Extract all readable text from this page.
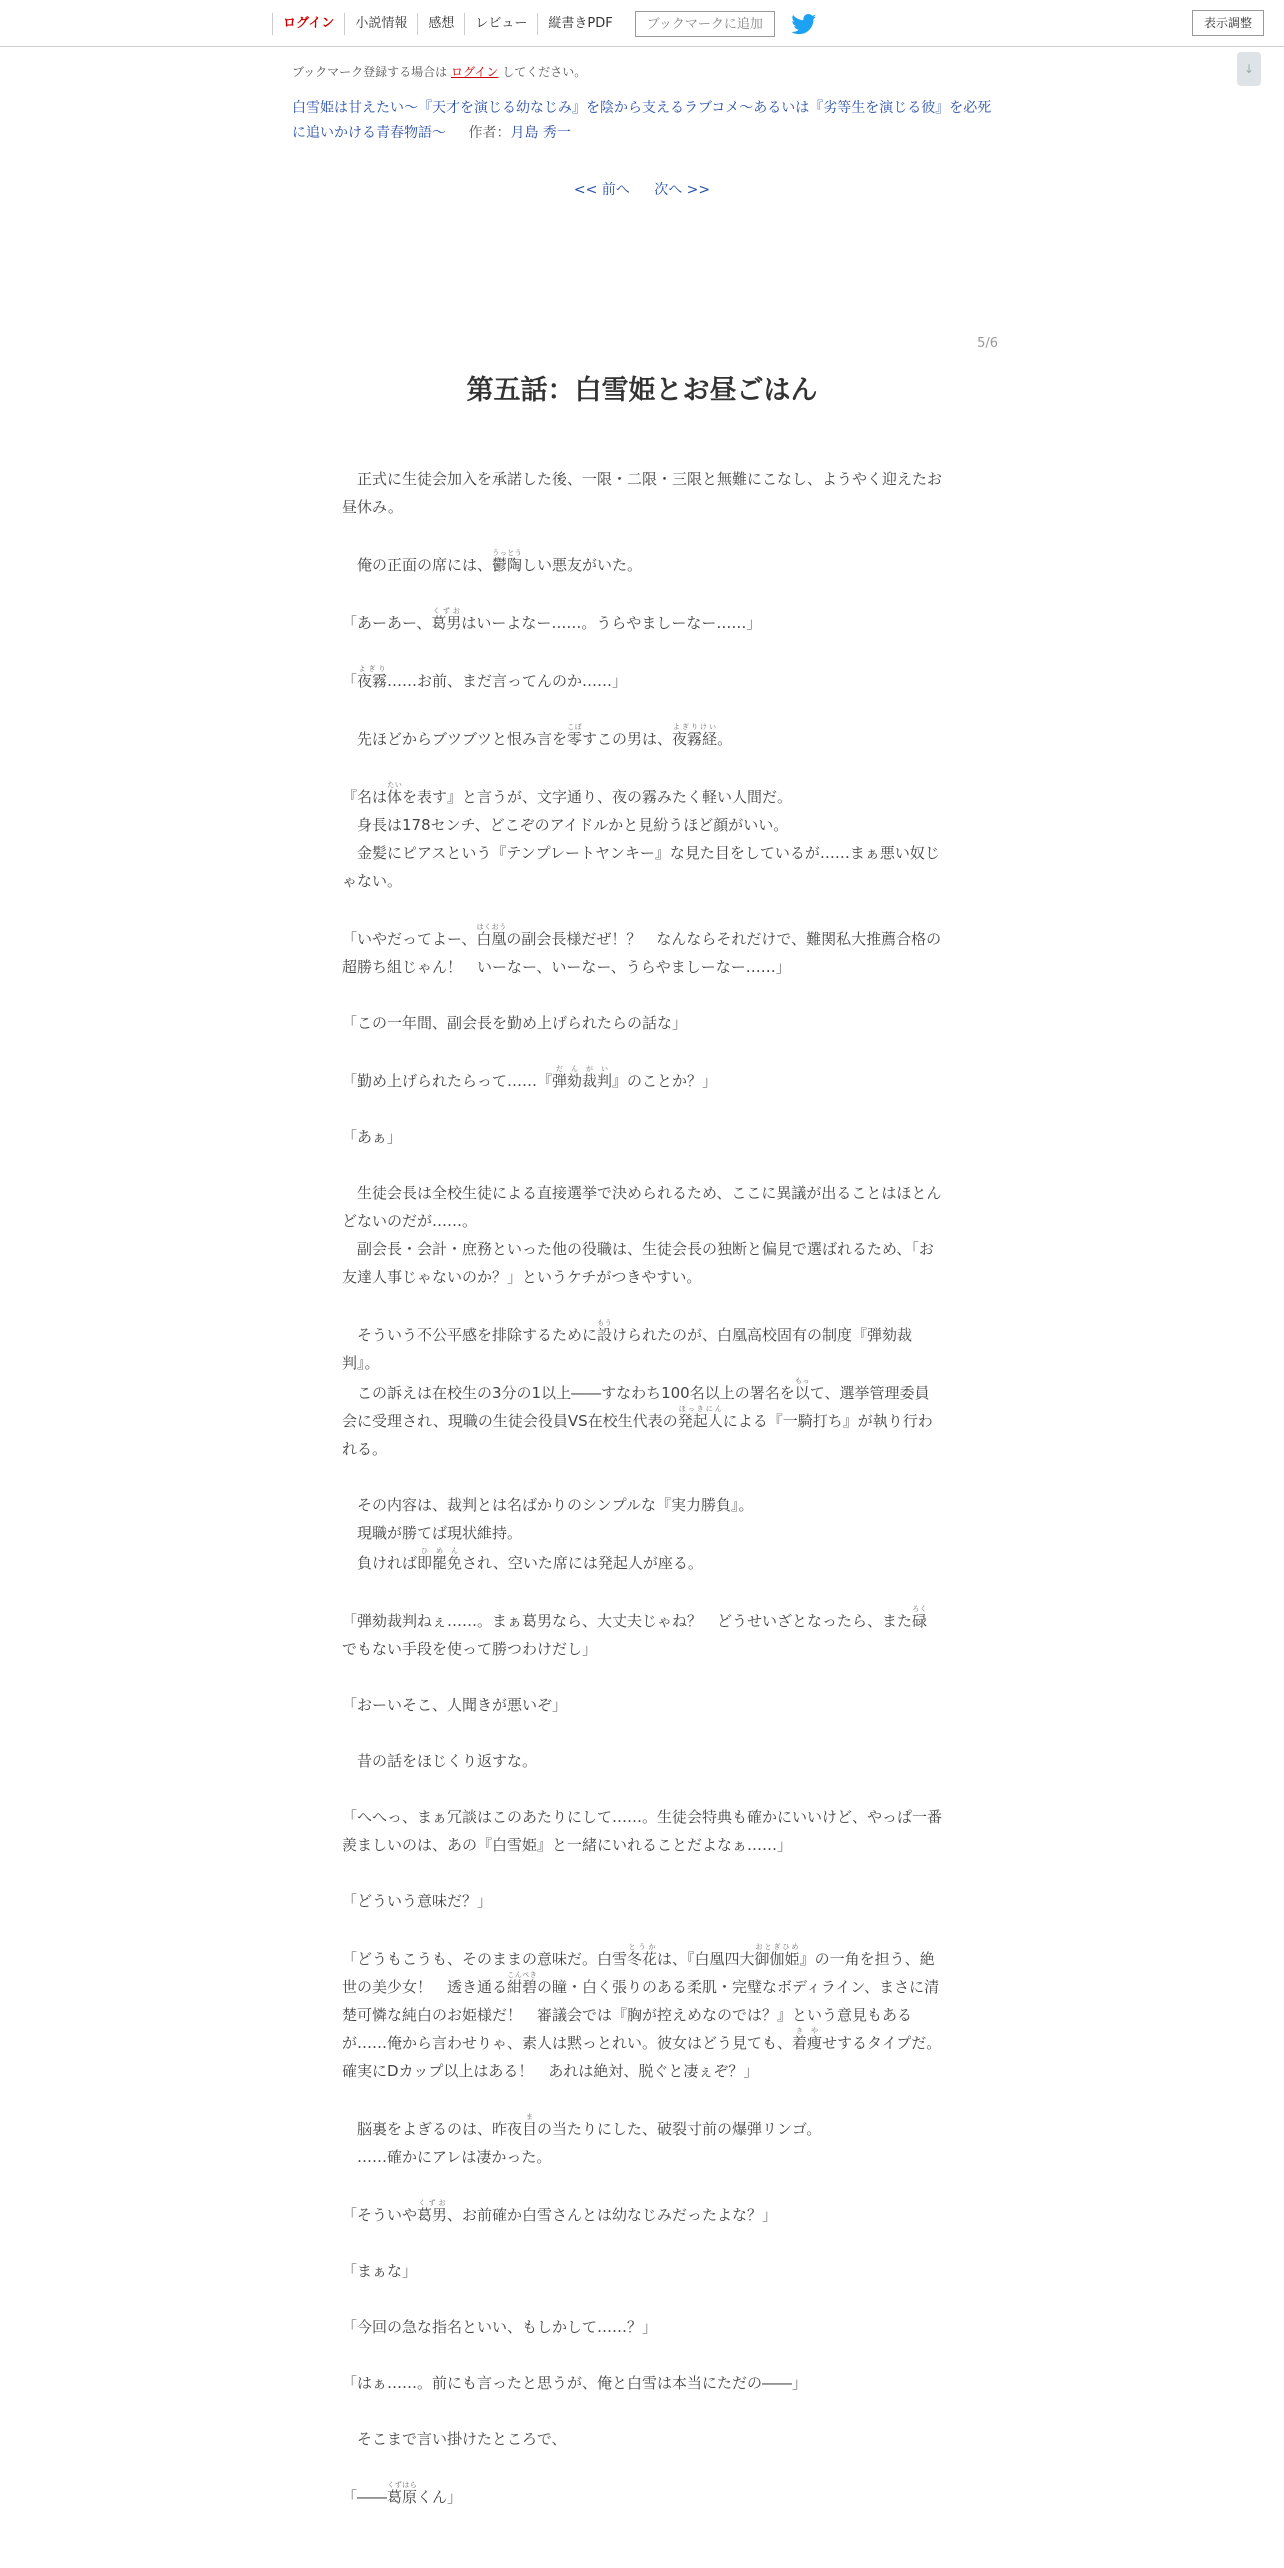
ログイン	小説情報	感想	レビュー	縦書きPDF	ブックマークに追加	表示調整
↓
ブックマーク登録する場合は ログイン してください。
白雪姫は甘えたい～『天才を演じる幼なじみ』を陰から支えるラブコメ～あるいは『劣等生を演じる彼』を必死に追いかける青春物語～ 作者：月島 秀一
<< 前へ 次へ >>
5/6
第五話：白雪姫とお昼ごはん

　正式に生徒会加入を承諾した後、一限・二限・三限と無難にこなし、ようやく迎えたお昼休み。

　俺の正面の席には、鬱陶うっとうしい悪友がいた。

「あーあー、葛男くずおはいーよなー……。うらやましーなー……」

「夜霧よぎり……お前、まだ言ってんのか……」

　先ほどからブツブツと恨み言を零こぼすこの男は、夜霧経よぎりけい。

『名は体たいを表す』と言うが、文字通り、夜の霧みたく軽い人間だ。

　身長は178センチ、どこぞのアイドルかと見紛うほど顔がいい。

　金髪にピアスという『テンプレートヤンキー』な見た目をしているが……まぁ悪い奴じゃない。

「いやだってよー、白凰はくおうの副会長様だぜ！？　なんならそれだけで、難関私大推薦合格の超勝ち組じゃん！　いーなー、いーなー、うらやましーなー……」

「この一年間、副会長を勤め上げられたらの話な」

「勤め上げられたらって……『弾劾裁判だんがい』のことか？」

「あぁ」

　生徒会長は全校生徒による直接選挙で決められるため、ここに異議が出ることはほとんどないのだが……。

　副会長・会計・庶務といった他の役職は、生徒会長の独断と偏見で選ばれるため、「お友達人事じゃないのか？」というケチがつきやすい。

　そういう不公平感を排除するために設もうけられたのが、白凰高校固有の制度『弾劾裁判』。

　この訴えは在校生の3分の1以上――すなわち100名以上の署名を以もって、選挙管理委員会に受理され、現職の生徒会役員VS在校生代表の発起人ほっきにんによる『一騎打ち』が執り行われる。

　その内容は、裁判とは名ばかりのシンプルな『実力勝負』。

　現職が勝てば現状維持。

　負ければ即罷免ひめんされ、空いた席には発起人が座る。

「弾劾裁判ねぇ……。まぁ葛男なら、大丈夫じゃね？　どうせいざとなったら、また碌ろくでもない手段を使って勝つわけだし」

「おーいそこ、人聞きが悪いぞ」

　昔の話をほじくり返すな。

「へへっ、まぁ冗談はこのあたりにして……。生徒会特典も確かにいいけど、やっぱ一番羨ましいのは、あの『白雪姫』と一緒にいれることだよなぁ……」

「どういう意味だ？」

「どうもこうも、そのままの意味だ。白雪冬花とうかは、『白凰四大御伽姫おとぎひめ』の一角を担う、絶世の美少女！　透き通る紺碧こんぺきの瞳・白く張りのある柔肌・完璧なボディライン、まさに清楚可憐な純白のお姫様だ！　審議会では『胸が控えめなのでは？』という意見もあるが……俺から言わせりゃ、素人は黙っとれい。彼女はどう見ても、着痩きやせするタイプだ。確実にDカップ以上はある！　あれは絶対、脱ぐと凄ぇぞ？」

　脳裏をよぎるのは、昨夜目まの当たりにした、破裂寸前の爆弾リンゴ。

　……確かにアレは凄かった。

「そういや葛男くずお、お前確か白雪さんとは幼なじみだったよな？」

「まぁな」

「今回の急な指名といい、もしかして……？」

「はぁ……。前にも言ったと思うが、俺と白雪は本当にただの――」

　そこまで言い掛けたところで、

「――葛原くずはらくん」
